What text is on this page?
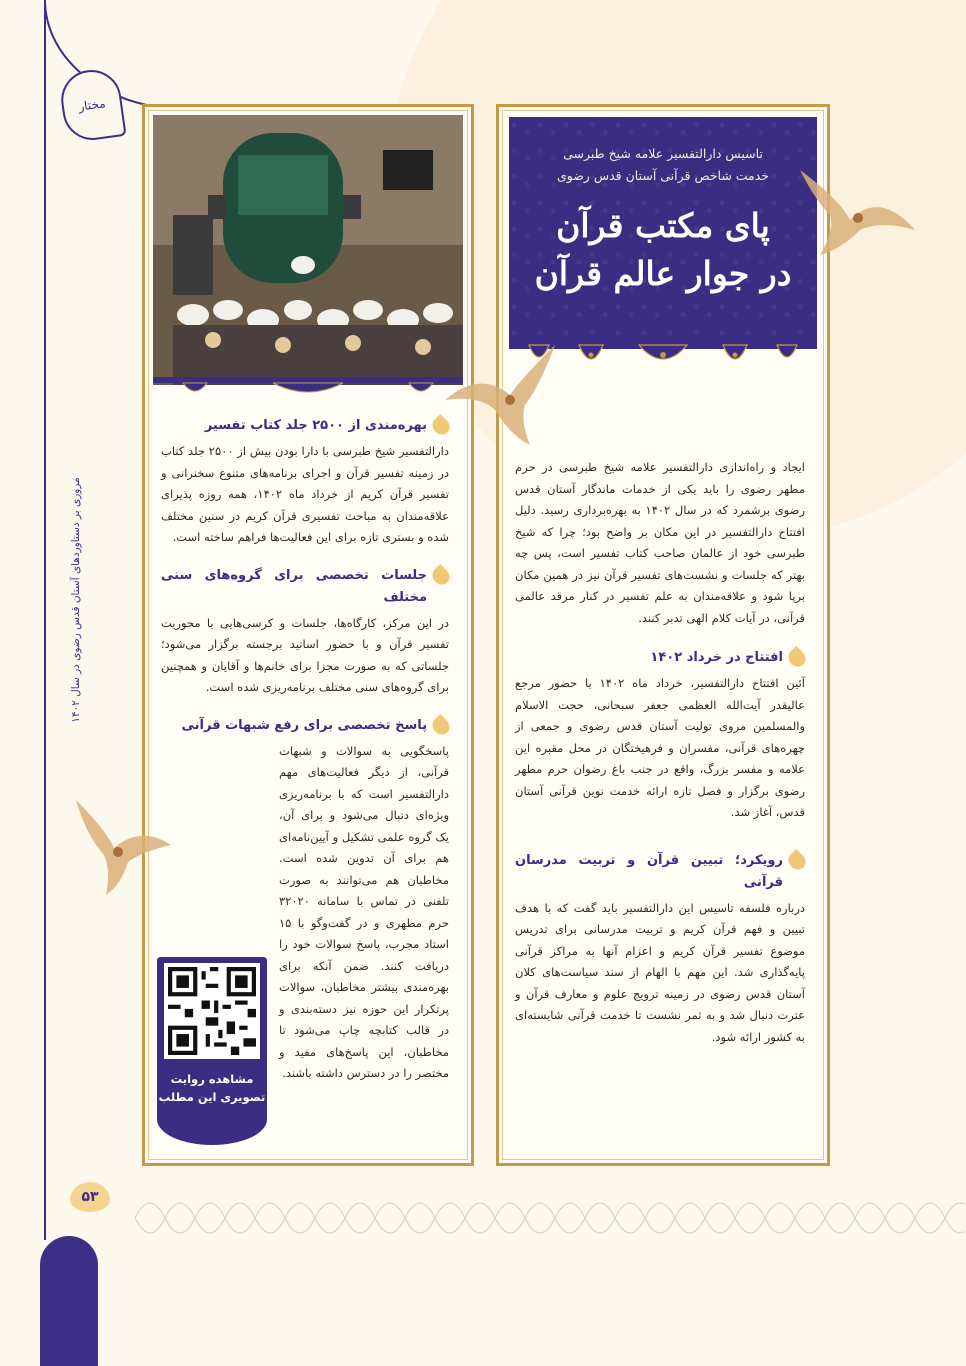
مختار
مروری بر دستاوردهای آستان قدس رضوی در سال ۱۴۰۲
۵۳
تاسیس دارالتفسیر علامه شیخ طبرسی
خدمت شاخص قرآنی آستان قدس رضوی
پای مکتب قرآن
در جوار عالم قرآن

ایجاد و راه‌اندازی دارالتفسیر علامه شیخ طبرسی در حرم مطهر رضوی را باید یکی از خدمات ماندگار آستان قدس رضوی برشمرد که در سال ۱۴۰۲ به بهره‌برداری رسید. دلیل افتتاح دارالتفسیر در این مکان بر واضح بود؛ چرا که شیخ طبرسی خود از عالمان صاحب کتاب تفسیر است، پس چه بهتر که جلسات و نشست‌های تفسیر قرآن نیز در همین مکان برپا شود و علاقه‌مندان به علم تفسیر در کنار مرقد عالمی قرآنی، در آیات کلام الهی تدبر کنند.

افتتاح در خرداد ۱۴۰۲

آئین افتتاح دارالتفسیر، خرداد ماه ۱۴۰۲ با حضور مرجع عالیقدر آیت‌الله العظمی جعفر سبحانی، حجت الاسلام والمسلمین مروی تولیت آستان قدس رضوی و جمعی از چهره‌های قرآنی، مفسران و فرهیختگان در محل مقبره این علامه و مفسر بزرگ، واقع در جنب باغ رضوان حرم مطهر رضوی برگزار و فصل تازه ارائه خدمت نوین قرآنی آستان قدس، آغاز شد.

رویکرد؛ تبیین قرآن و تربیت مدرسان قرآنی

درباره فلسفه تاسیس این دارالتفسیر باید گفت که با هدف تبیین و فهم قرآن کریم و تربیت مدرسانی برای تدریس موضوع تفسیر قرآن کریم و اعزام آنها به مراکز قرآنی پایه‌گذاری شد. این مهم با الهام از سند سیاست‌های کلان آستان قدس رضوی در زمینه ترویج علوم و معارف قرآن و عترت دنبال شد و به ثمر نشست تا خدمت قرآنی شایسته‌ای به کشور ارائه شود.

بهره‌مندی از ۲۵۰۰ جلد کتاب تفسیر

دارالتفسیر شیخ طبرسی با دارا بودن بیش از ۲۵۰۰ جلد کتاب در زمینه تفسیر قرآن و اجرای برنامه‌های متنوع سخنرانی و تفسیر قرآن کریم از خرداد ماه ۱۴۰۲، همه روزه پذیرای علاقه‌مندان به مباحث تفسیری قرآن کریم در سنین مختلف شده و بستری تازه برای این فعالیت‌ها فراهم ساخته است.

جلسات تخصصی برای گروه‌های سنی مختلف

در این مرکز، کارگاه‌ها، جلسات و کرسی‌هایی با محوریت تفسیر قرآن و با حضور اساتید برجسته برگزار می‌شود؛ جلساتی که به صورت مجزا برای خانم‌ها و آقایان و همچنین برای گروه‌های سنی مختلف برنامه‌ریزی شده است.

پاسخ تخصصی برای رفع شبهات قرآنی

پاسخگویی به سوالات و شبهات قرآنی، از دیگر فعالیت‌های مهم دارالتفسیر است که با برنامه‌ریزی ویژه‌ای دنبال می‌شود و برای آن، یک گروه علمی تشکیل و آیین‌نامه‌ای هم برای آن تدوین شده است. مخاطبان هم می‌توانند به صورت تلفنی در تماس با سامانه ۳۲۰۲۰ حرم مطهری و در گفت‌وگو با ۱۵ استاد مجرب، پاسخ سوالات خود را دریافت کنند. ضمن آنکه برای بهره‌مندی بیشتر مخاطبان، سوالات پرتکرار این حوزه نیز دسته‌بندی و در قالب کتابچه چاپ می‌شود تا مخاطبان، این پاسخ‌های مفید و مختصر را در دسترس داشته باشند.

مشاهده روایت تصویری این مطلب
